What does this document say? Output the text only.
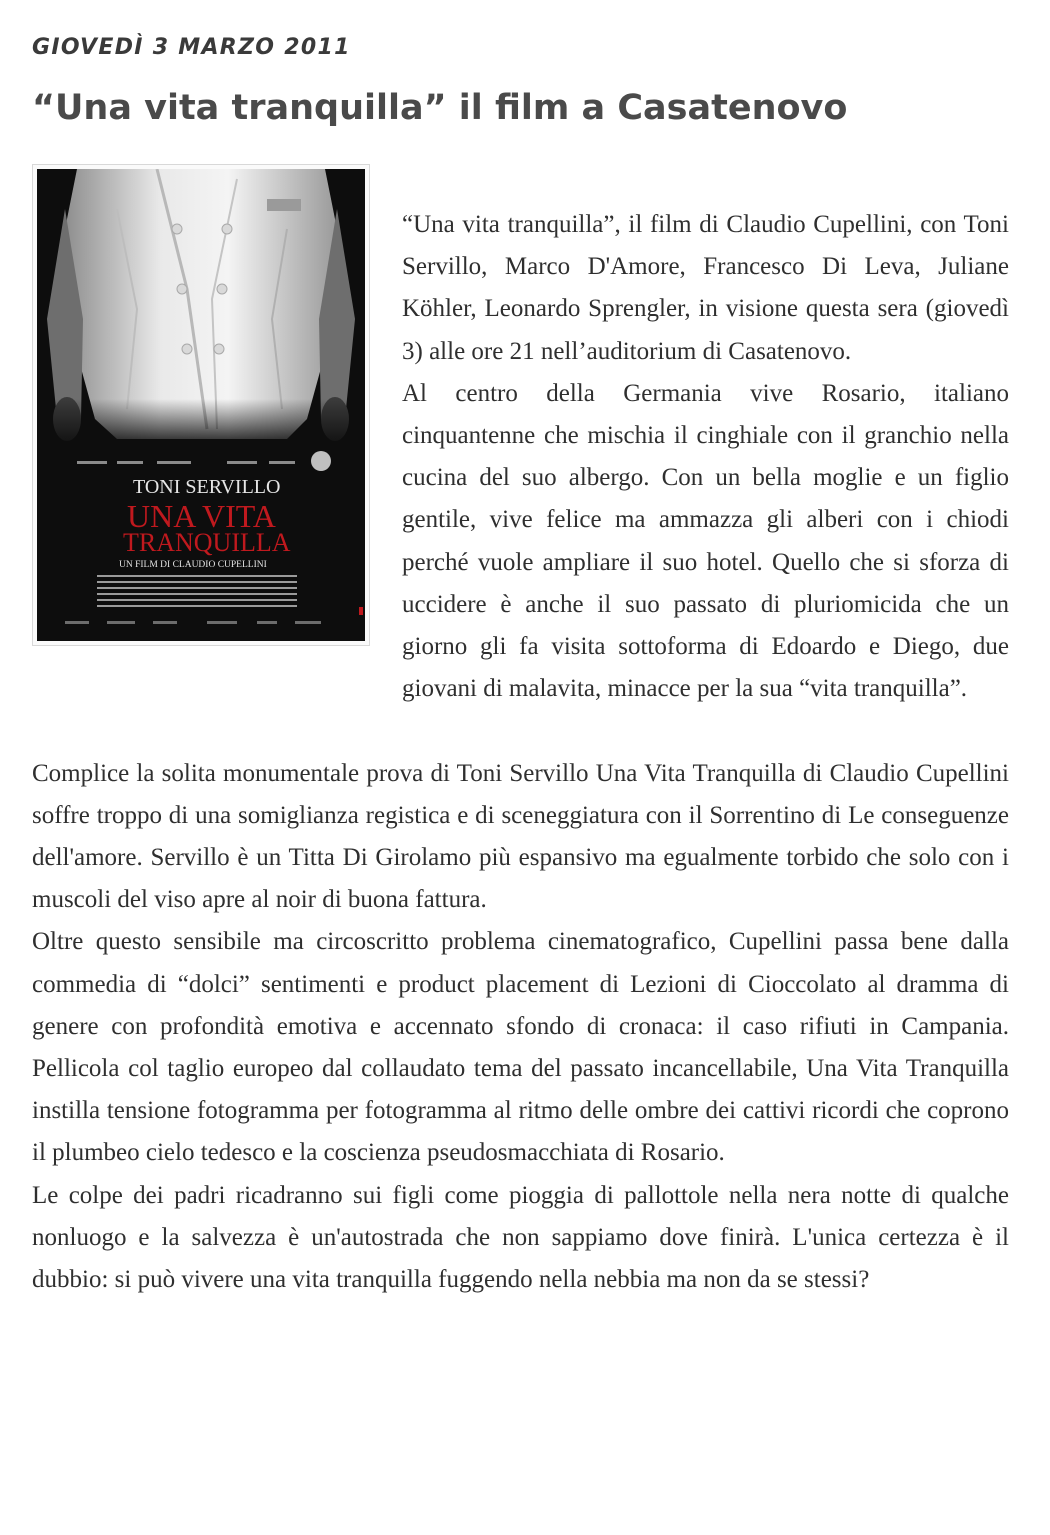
GIOVEDÌ 3 MARZO 2011
“Una vita tranquilla” il film a Casatenovo
TONI SERVILLO
UNA VITA
TRANQUILLA
UN FILM DI CLAUDIO CUPELLINI

“Una vita tranquilla”, il film di Claudio Cupellini, con Toni Servillo, Marco D'Amore, Francesco Di Leva, Juliane Köhler, Leonardo Sprengler, in visione questa sera (giovedì 3) alle ore 21 nell’auditorium di Casatenovo.

Al centro della Germania vive Rosario, italiano cinquantenne che mischia il cinghiale con il granchio nella cucina del suo albergo. Con un bella moglie e un figlio gentile, vive felice ma ammazza gli alberi con i chiodi perché vuole ampliare il suo hotel. Quello che si sforza di uccidere è anche il suo passato di pluriomicida che un giorno gli fa visita sottoforma di Edoardo e Diego, due giovani di malavita, minacce per la sua “vita tranquilla”.

Complice la solita monumentale prova di Toni Servillo Una Vita Tranquilla di Claudio Cupellini soffre troppo di una somiglianza registica e di sceneggiatura con il Sorrentino di Le conseguenze dell'amore. Servillo è un Titta Di Girolamo più espansivo ma egualmente torbido che solo con i muscoli del viso apre al noir di buona fattura.

Oltre questo sensibile ma circoscritto problema cinematografico, Cupellini passa bene dalla commedia di “dolci” sentimenti e product placement di Lezioni di Cioccolato al dramma di genere con profondità emotiva e accennato sfondo di cronaca: il caso rifiuti in Campania. Pellicola col taglio europeo dal collaudato tema del passato incancellabile, Una Vita Tranquilla instilla tensione fotogramma per fotogramma al ritmo delle ombre dei cattivi ricordi che coprono il plumbeo cielo tedesco e la coscienza pseudosmacchiata di Rosario.

Le colpe dei padri ricadranno sui figli come pioggia di pallottole nella nera notte di qualche nonluogo e la salvezza è un'autostrada che non sappiamo dove finirà. L'unica certezza è il dubbio: si può vivere una vita tranquilla fuggendo nella nebbia ma non da se stessi?
